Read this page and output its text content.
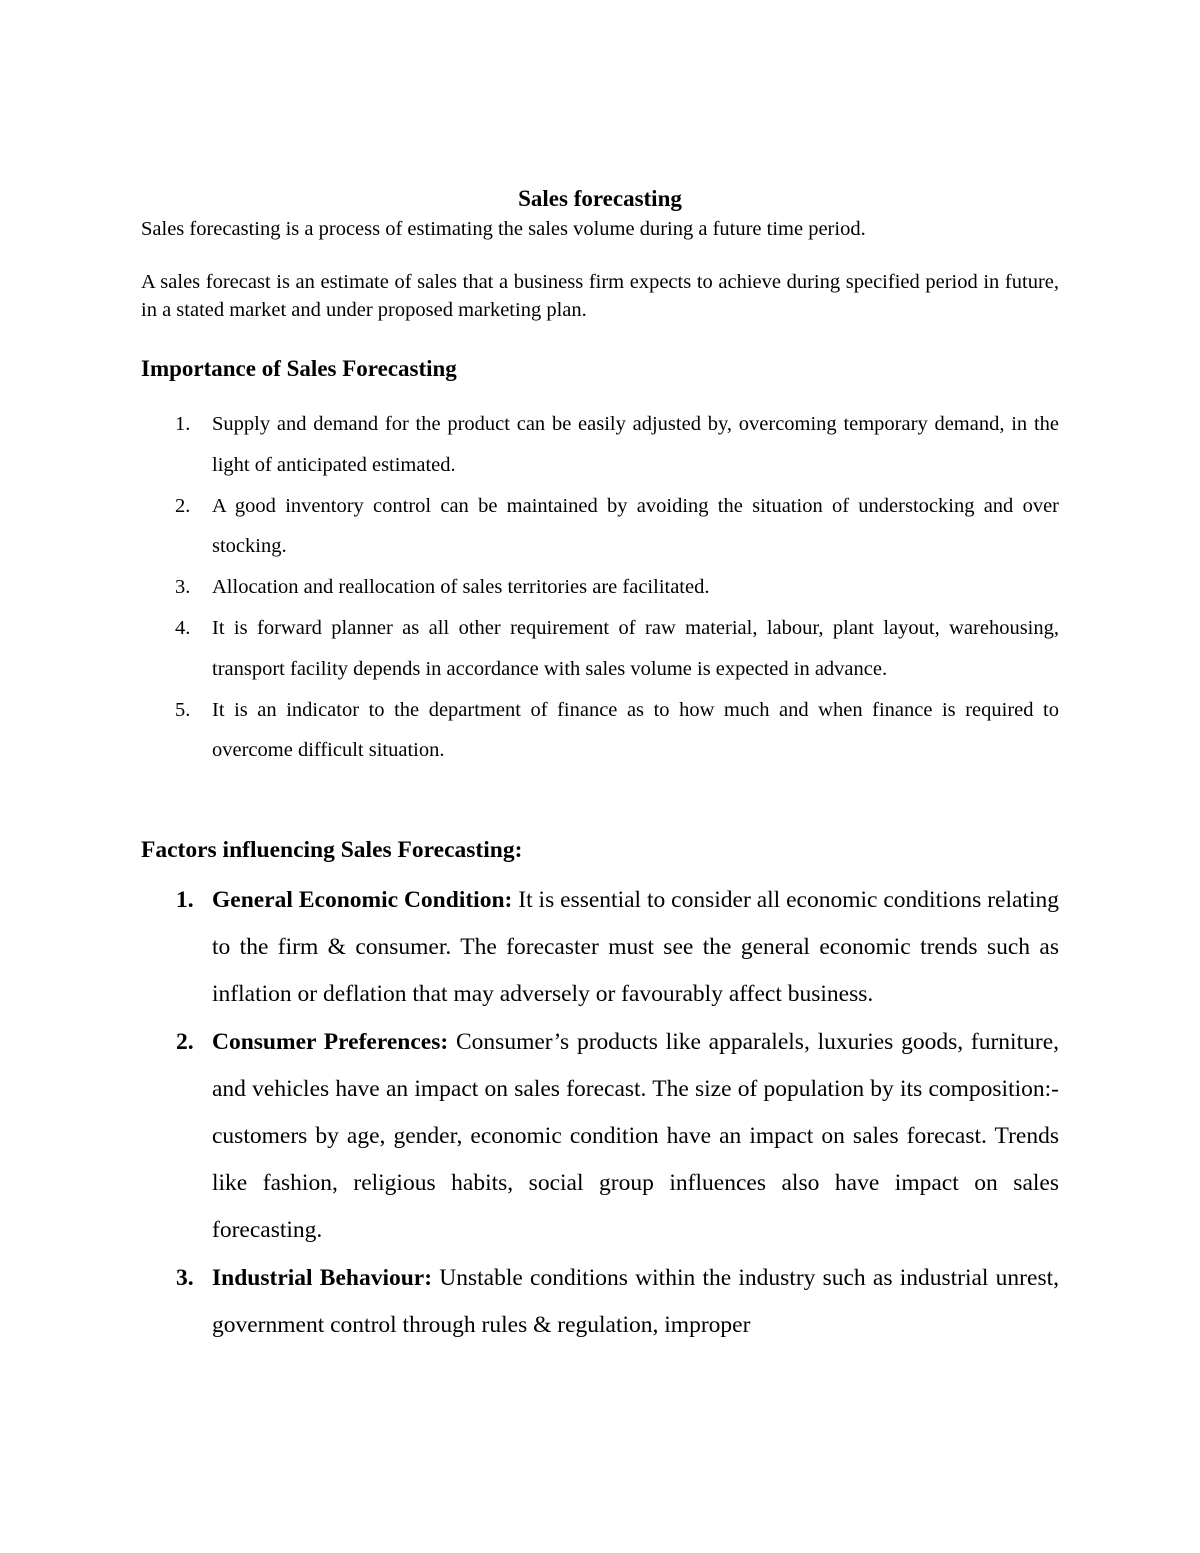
Sales forecasting

Sales forecasting is a process of estimating the sales volume during a future time period.

A sales forecast is an estimate of sales that a business firm expects to achieve during specified period in future, in a stated market and under proposed marketing plan.

Importance of Sales Forecasting
1. Supply and demand for the product can be easily adjusted by, overcoming temporary demand, in the light of anticipated estimated.
2. A good inventory control can be maintained by avoiding the situation of understocking and over stocking.
3. Allocation and reallocation of sales territories are facilitated.
4. It is forward planner as all other requirement of raw material, labour, plant layout, warehousing, transport facility depends in accordance with sales volume is expected in advance.
5. It is an indicator to the department of finance as to how much and when finance is required to overcome difficult situation.
Factors influencing Sales Forecasting:
1. General Economic Condition: It is essential to consider all economic conditions relating to the firm & consumer. The forecaster must see the general economic trends such as inflation or deflation that may adversely or favourably affect business.
2. Consumer Preferences: Consumer’s products like apparalels, luxuries goods, furniture, and vehicles have an impact on sales forecast. The size of population by its composition:- customers by age, gender, economic condition have an impact on sales forecast. Trends like fashion, religious habits, social group influences also have impact on sales forecasting.
3. Industrial Behaviour: Unstable conditions within the industry such as industrial unrest, government control through rules & regulation, improper
